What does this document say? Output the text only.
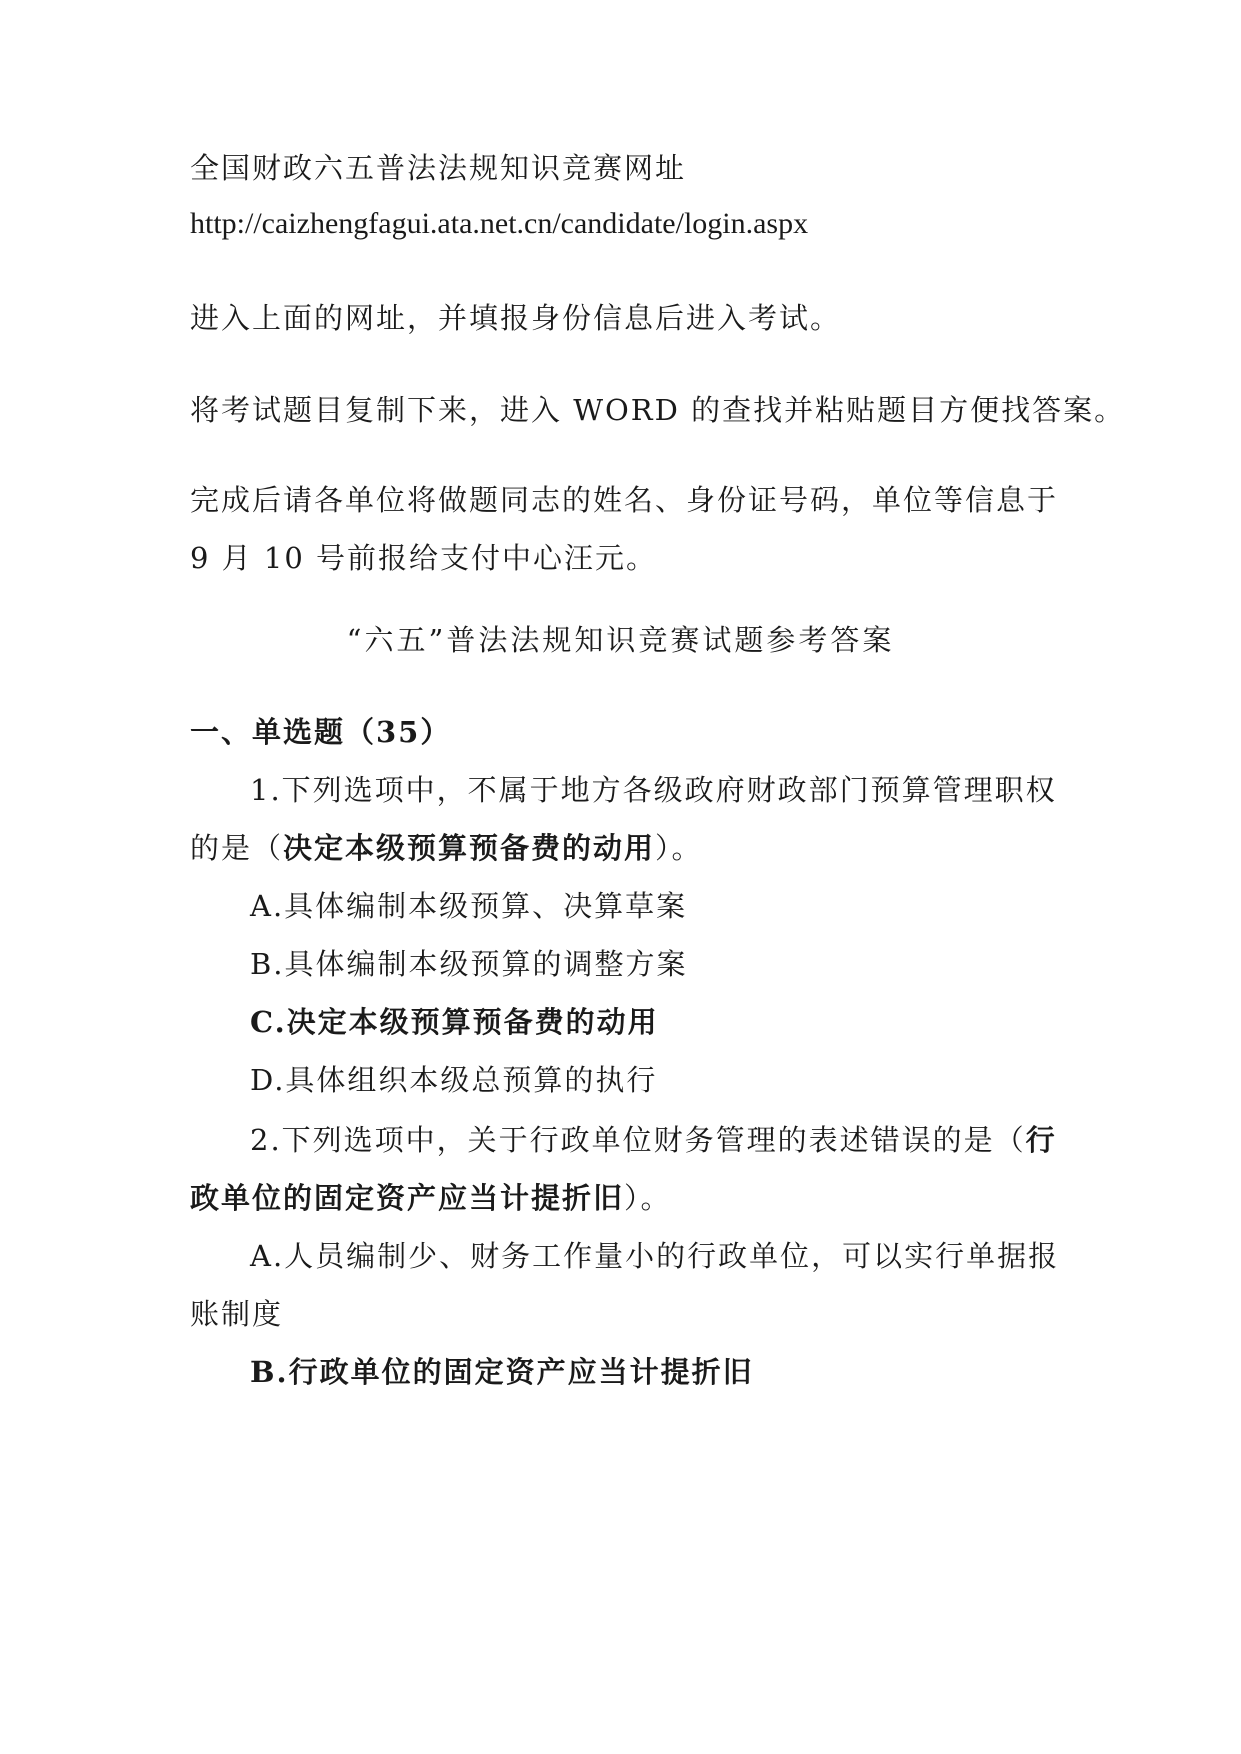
全国财政六五普法法规知识竞赛网址
http://caizhengfagui.ata.net.cn/candidate/login.aspx
进入上面的网址，并填报身份信息后进入考试。
将考试题目复制下来，进入 WORD 的查找并粘贴题目方便找答案。
完成后请各单位将做题同志的姓名、身份证号码，单位等信息于
9 月 10 号前报给支付中心汪元。
“六五”普法法规知识竞赛试题参考答案
一、单选题（35）
1.下列选项中，不属于地方各级政府财政部门预算管理职权
的是（决定本级预算预备费的动用）。
A.具体编制本级预算、决算草案
B.具体编制本级预算的调整方案
C.决定本级预算预备费的动用
D.具体组织本级总预算的执行
2.下列选项中，关于行政单位财务管理的表述错误的是（行
政单位的固定资产应当计提折旧）。
A.人员编制少、财务工作量小的行政单位，可以实行单据报
账制度
B.行政单位的固定资产应当计提折旧
